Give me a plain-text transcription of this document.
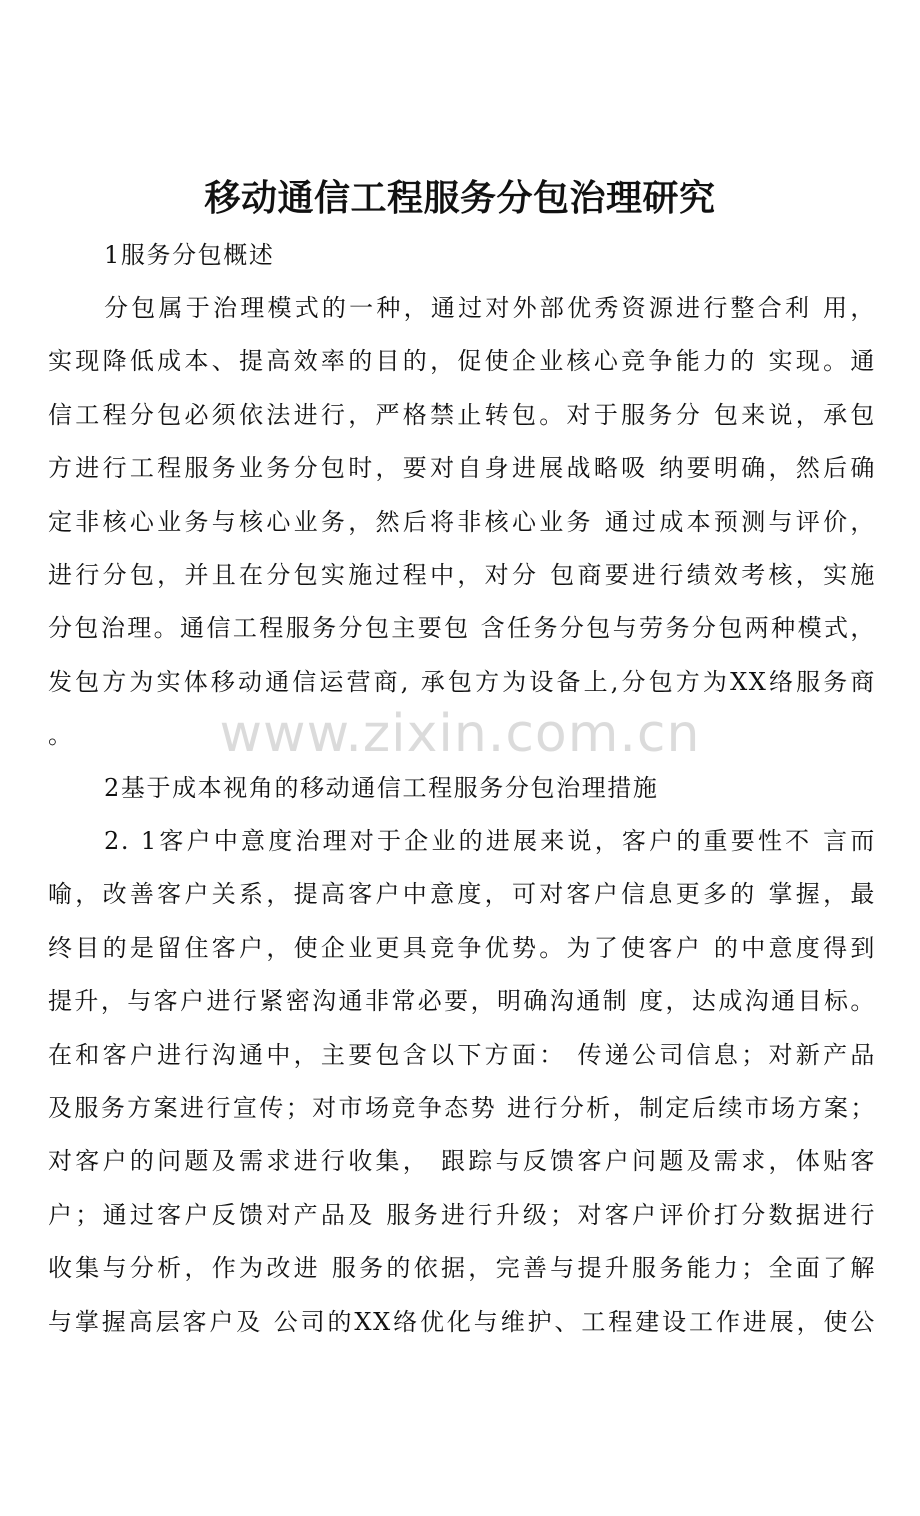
移动通信工程服务分包治理研究
1服务分包概述
分包属于治理模式的一种，通过对外部优秀资源进行整合利 用，
实现降低成本、提高效率的目的，促使企业核心竞争能力的 实现。通
信工程分包必须依法进行，严格禁止转包。对于服务分 包来说，承包
方进行工程服务业务分包时，要对自身进展战略吸 纳要明确，然后确
定非核心业务与核心业务，然后将非核心业务 通过成本预测与评价，
进行分包，并且在分包实施过程中，对分 包商要进行绩效考核，实施
分包治理。通信工程服务分包主要包 含任务分包与劳务分包两种模式，
发包方为实体移动通信运营商, 承包方为设备上,分包方为XX络服务商
。
2基于成本视角的移动通信工程服务分包治理措施
2. 1客户中意度治理对于企业的进展来说，客户的重要性不 言而
喻，改善客户关系，提高客户中意度，可对客户信息更多的 掌握，最
终目的是留住客户，使企业更具竞争优势。为了使客户 的中意度得到
提升，与客户进行紧密沟通非常必要，明确沟通制 度，达成沟通目标。
在和客户进行沟通中，主要包含以下方面： 传递公司信息；对新产品
及服务方案进行宣传；对市场竞争态势 进行分析，制定后续市场方案；
对客户的问题及需求进行收集， 跟踪与反馈客户问题及需求，体贴客
户；通过客户反馈对产品及 服务进行升级；对客户评价打分数据进行
收集与分析，作为改进 服务的依据，完善与提升服务能力；全面了解
与掌握高层客户及 公司的XX络优化与维护、工程建设工作进展，使公
www.zixin.com.cn
